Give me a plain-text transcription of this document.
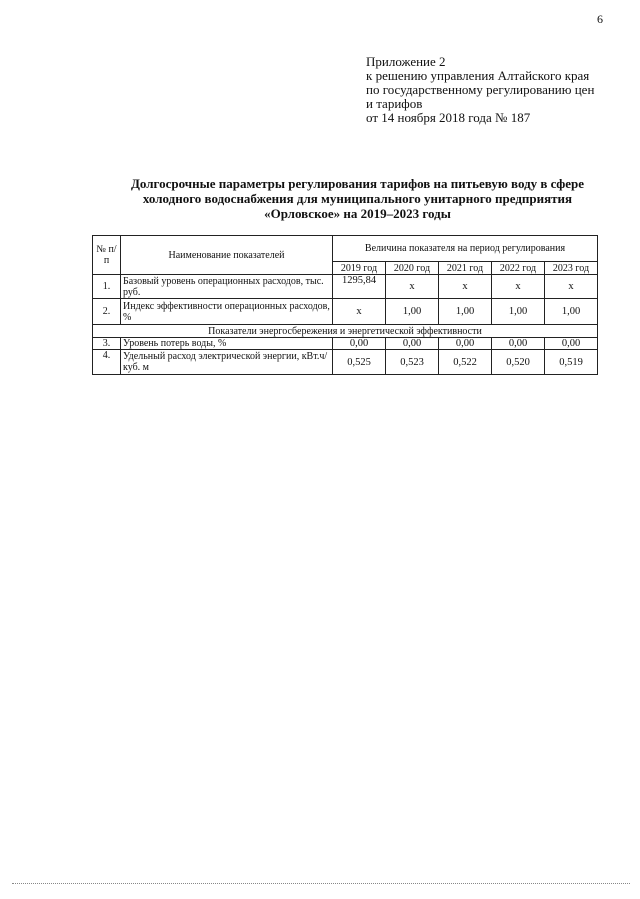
6
Приложение 2
к решению управления Алтайского края
по государственному регулированию цен
и тарифов
от 14 ноября 2018 года № 187
Долгосрочные параметры регулирования тарифов на питьевую воду в сфере
холодного водоснабжения для муниципального унитарного предприятия
«Орловское» на 2019–2023 годы
№ п/п	Наименование показателей	Величина показателя на период регулирования				
		2019 год	2020 год	2021 год	2022 год	2023 год
1.	Базовый уровень операционных расходов, тыс. руб.	1295,84	х	х	х	х
2.	Индекс эффективности операционных расходов, %	х	1,00	1,00	1,00	1,00
Показатели энергосбережения и энергетической эффективности						
3.	Уровень потерь воды, %	0,00	0,00	0,00	0,00	0,00
4.	Удельный расход электрической энергии, кВт.ч/куб. м	0,525	0,523	0,522	0,520	0,519
